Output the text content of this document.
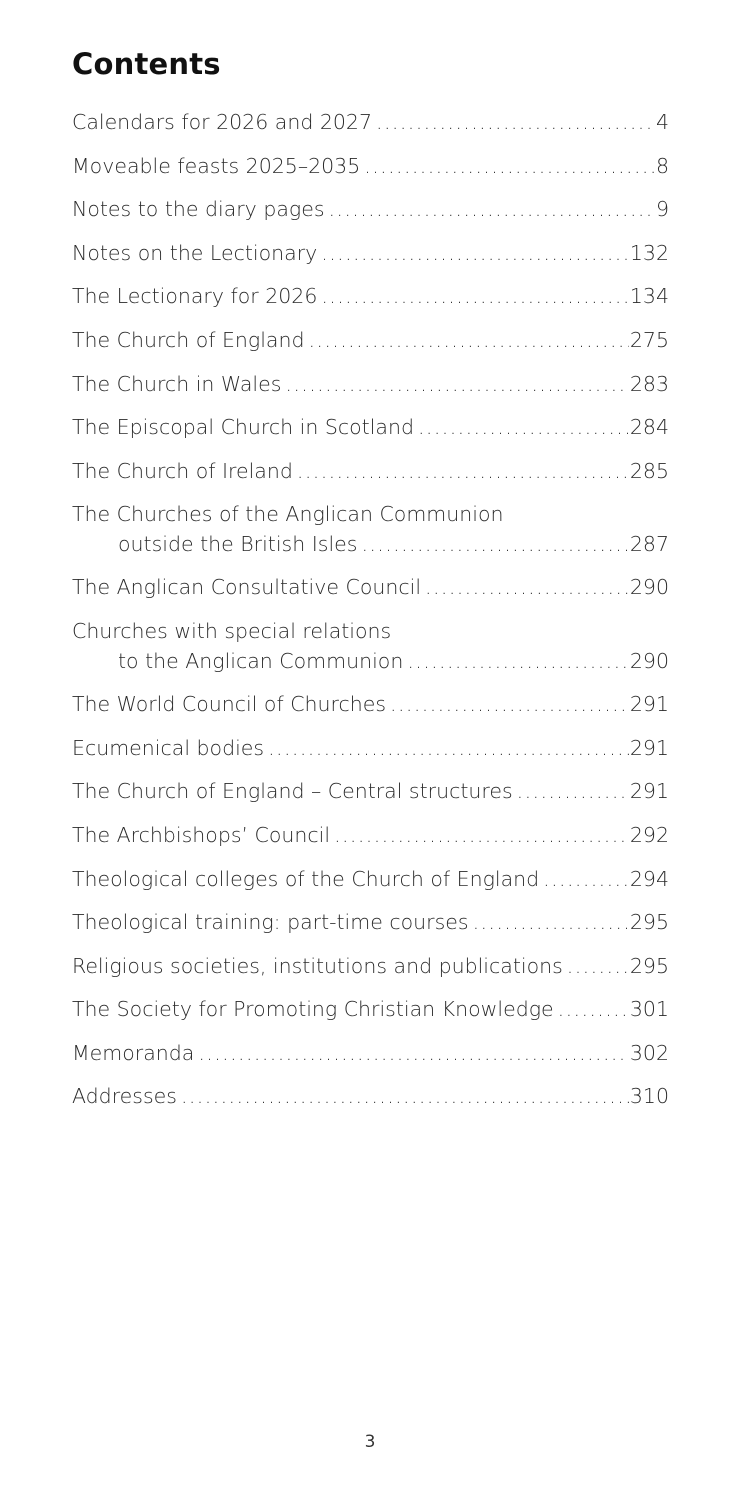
Contents
Calendars for 2026 and 2027 . . .	4
Moveable feasts 2025–2035 . . .	8
Notes to the diary pages . . .	9
Notes on the Lectionary . . .	132
The Lectionary for 2026 . . .	134
The Church of England . . .	275
The Church in Wales . . .	283
The Episcopal Church in Scotland . . .	284
The Church of Ireland . . .	285
The Churches of the Anglican Communion
outside the British Isles . . .	287
The Anglican Consultative Council . . .	290
Churches with special relations
to the Anglican Communion . . .	290
The World Council of Churches . . .	291
Ecumenical bodies . . .	291
The Church of England – Central structures . . .	291
The Archbishops’ Council . . .	292
Theological colleges of the Church of England . . .	294
Theological training: part-time courses . . .	295
Religious societies, institutions and publications . . .	295
The Society for Promoting Christian Knowledge . . .	301
Memoranda . . .	302
Addresses . . .	310
3
